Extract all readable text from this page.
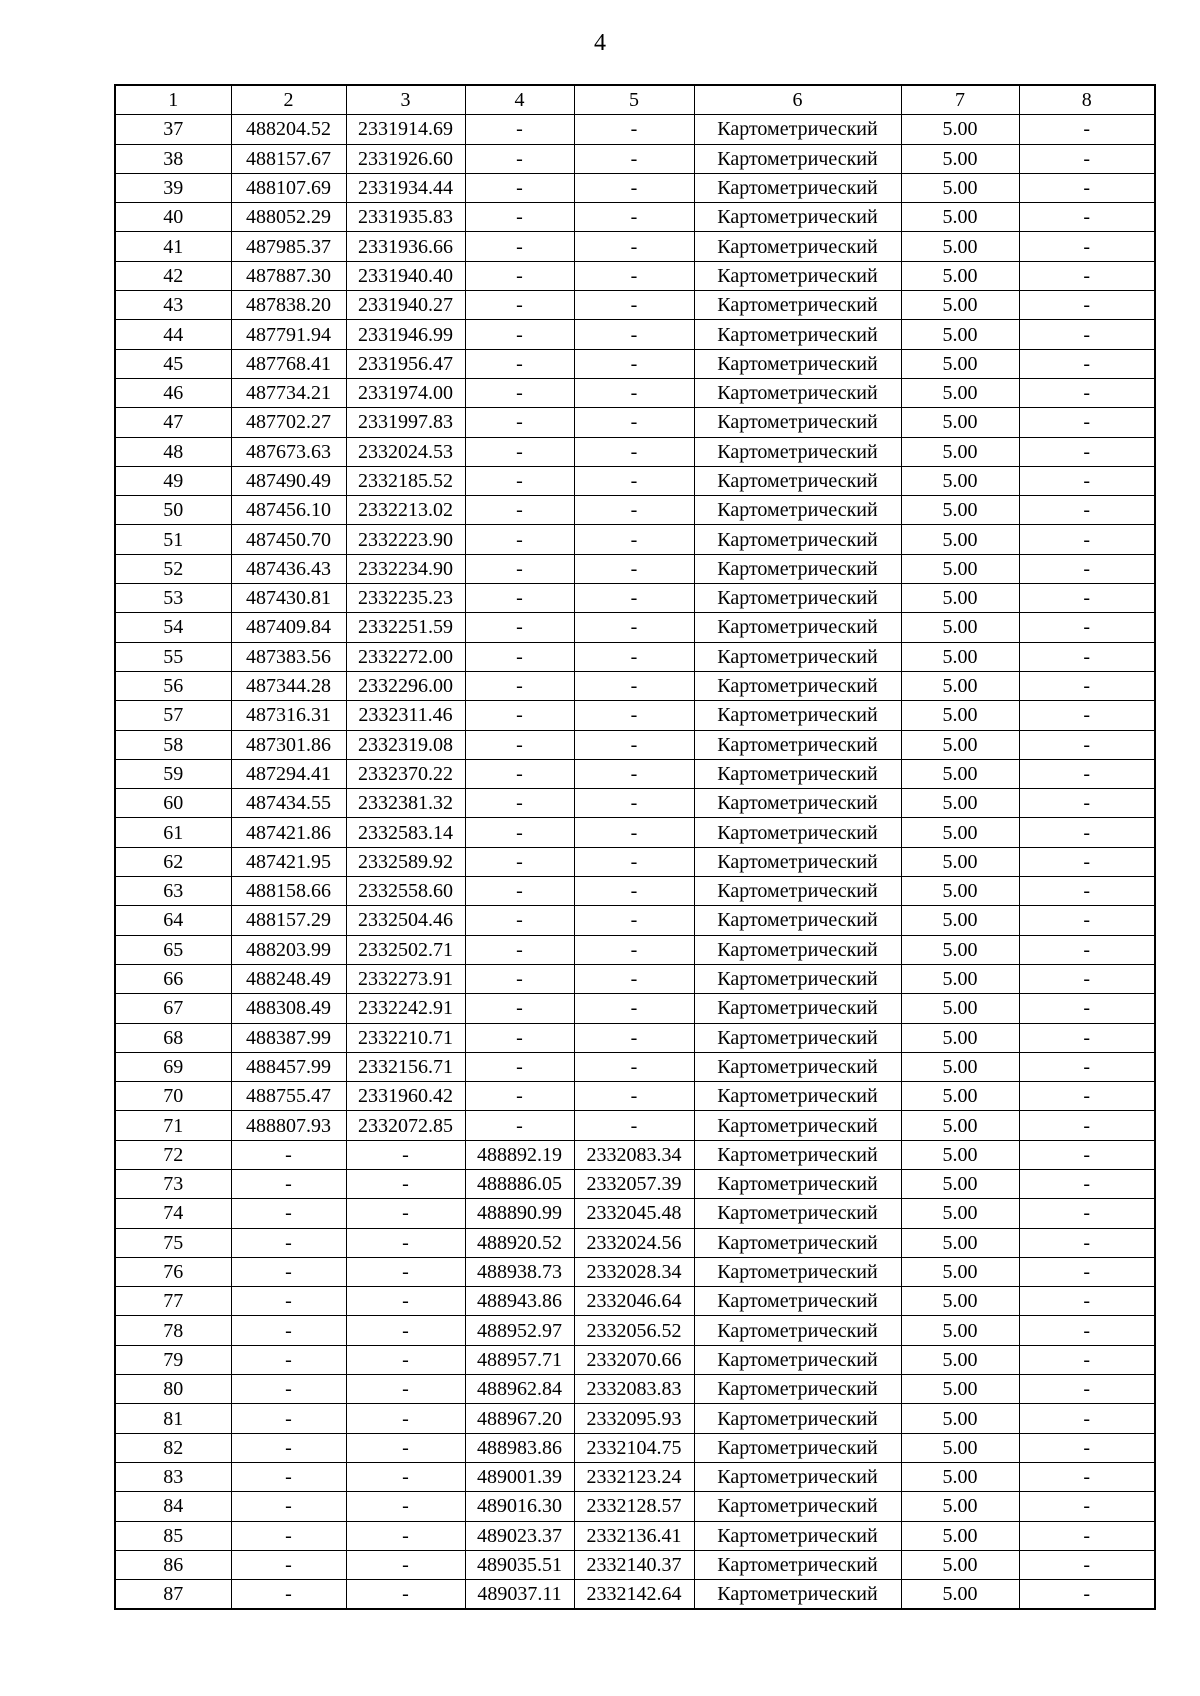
4
1	2	3	4	5	6	7	8
37	488204.52	2331914.69	-	-	Картометрический	5.00	-
38	488157.67	2331926.60	-	-	Картометрический	5.00	-
39	488107.69	2331934.44	-	-	Картометрический	5.00	-
40	488052.29	2331935.83	-	-	Картометрический	5.00	-
41	487985.37	2331936.66	-	-	Картометрический	5.00	-
42	487887.30	2331940.40	-	-	Картометрический	5.00	-
43	487838.20	2331940.27	-	-	Картометрический	5.00	-
44	487791.94	2331946.99	-	-	Картометрический	5.00	-
45	487768.41	2331956.47	-	-	Картометрический	5.00	-
46	487734.21	2331974.00	-	-	Картометрический	5.00	-
47	487702.27	2331997.83	-	-	Картометрический	5.00	-
48	487673.63	2332024.53	-	-	Картометрический	5.00	-
49	487490.49	2332185.52	-	-	Картометрический	5.00	-
50	487456.10	2332213.02	-	-	Картометрический	5.00	-
51	487450.70	2332223.90	-	-	Картометрический	5.00	-
52	487436.43	2332234.90	-	-	Картометрический	5.00	-
53	487430.81	2332235.23	-	-	Картометрический	5.00	-
54	487409.84	2332251.59	-	-	Картометрический	5.00	-
55	487383.56	2332272.00	-	-	Картометрический	5.00	-
56	487344.28	2332296.00	-	-	Картометрический	5.00	-
57	487316.31	2332311.46	-	-	Картометрический	5.00	-
58	487301.86	2332319.08	-	-	Картометрический	5.00	-
59	487294.41	2332370.22	-	-	Картометрический	5.00	-
60	487434.55	2332381.32	-	-	Картометрический	5.00	-
61	487421.86	2332583.14	-	-	Картометрический	5.00	-
62	487421.95	2332589.92	-	-	Картометрический	5.00	-
63	488158.66	2332558.60	-	-	Картометрический	5.00	-
64	488157.29	2332504.46	-	-	Картометрический	5.00	-
65	488203.99	2332502.71	-	-	Картометрический	5.00	-
66	488248.49	2332273.91	-	-	Картометрический	5.00	-
67	488308.49	2332242.91	-	-	Картометрический	5.00	-
68	488387.99	2332210.71	-	-	Картометрический	5.00	-
69	488457.99	2332156.71	-	-	Картометрический	5.00	-
70	488755.47	2331960.42	-	-	Картометрический	5.00	-
71	488807.93	2332072.85	-	-	Картометрический	5.00	-
72	-	-	488892.19	2332083.34	Картометрический	5.00	-
73	-	-	488886.05	2332057.39	Картометрический	5.00	-
74	-	-	488890.99	2332045.48	Картометрический	5.00	-
75	-	-	488920.52	2332024.56	Картометрический	5.00	-
76	-	-	488938.73	2332028.34	Картометрический	5.00	-
77	-	-	488943.86	2332046.64	Картометрический	5.00	-
78	-	-	488952.97	2332056.52	Картометрический	5.00	-
79	-	-	488957.71	2332070.66	Картометрический	5.00	-
80	-	-	488962.84	2332083.83	Картометрический	5.00	-
81	-	-	488967.20	2332095.93	Картометрический	5.00	-
82	-	-	488983.86	2332104.75	Картометрический	5.00	-
83	-	-	489001.39	2332123.24	Картометрический	5.00	-
84	-	-	489016.30	2332128.57	Картометрический	5.00	-
85	-	-	489023.37	2332136.41	Картометрический	5.00	-
86	-	-	489035.51	2332140.37	Картометрический	5.00	-
87	-	-	489037.11	2332142.64	Картометрический	5.00	-
